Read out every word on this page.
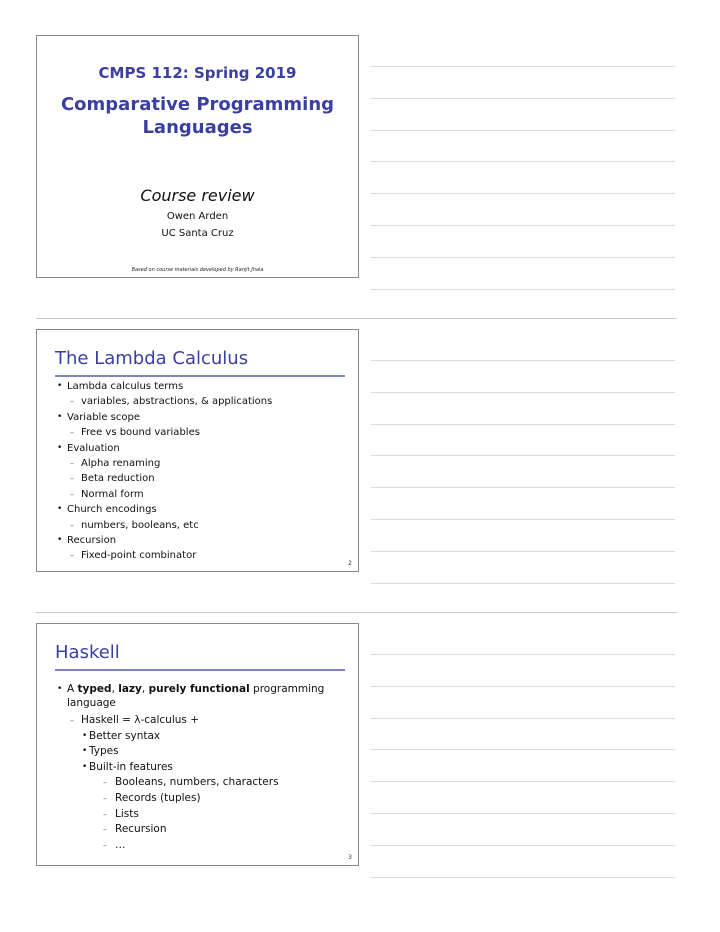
CMPS 112: Spring 2019
Comparative Programming
Languages
Course review
Owen Arden
UC Santa Cruz
Based on course materials developed by Ranjit Jhala
The Lambda Calculus
• Lambda calculus terms
– variables, abstractions, & applications
• Variable scope
– Free vs bound variables
• Evaluation
– Alpha renaming
– Beta reduction
– Normal form
• Church encodings
– numbers, booleans, etc
• Recursion
– Fixed-point combinator
2
Haskell
• A typed, lazy, purely functional programming language
– Haskell = λ-calculus +
• Better syntax
• Types
• Built-in features
– Booleans, numbers, characters
– Records (tuples)
– Lists
– Recursion
– …
3
